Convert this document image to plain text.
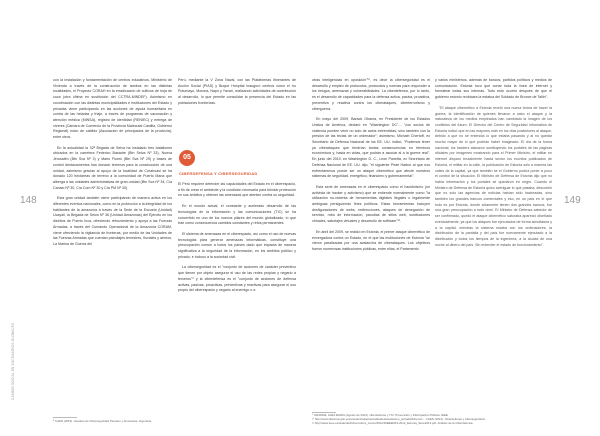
CAMBIO SOCIAL EN ESCENARIOS GLOBALES
148	149

con la instalación y fundamentación de centros educativos, Ministerio de Vivienda a través de la construcción de tambos en las distintas localidades, el Proyecto CORAH en la erradicación de cultivos de hoja de coca (otra última en sustitución del CCTRA-MINDEF). Asimismo en coordinación con las distintas municipalidades e instituciones del Estado y privadas viene participando en las acciones de ayuda humanitaria en contra de las heladas y friaje, a través de programas de vacunación y atención médica (MINSA), registro de identidad (RENIEC) y entrega de víveres (Cámara de Comercio de la Provincia Malecutal Castilla, Gobierno Regional) inicio de cabildo (Asociación de principados de la provincia), entre otros.

En la actualidad la 32ª Brigada de Selva ha instalado tres batallones ubicados en la carretera Federico Basadre (Btn Selva Nº 33), Nueva Jerusalén (Btn Sva Nº 3) y Mario Flores (Btn Sva Nº 29) y bases de control destacamentos han donado terrenos para la construcción de una unidad, asimismo gracias al apoyo de la localidad de Curahuasi se ha donado 120 hectáreas de terreno a la comunidad de Puerto Mana que alberga a las unidades administrativas de gran unidad (Btn Sva Nº 34, Cía Canalo Nº 30, Cía Com Nº 30 y Cía PM Nº 30).

Esta gran unidad también viene participando de manera activa en los diferentes eventos nacionales, como en la protección a la integridad de los habitantes de la amazonía a través de la Sede de la Escuela (Unidad) Ucayali, la Brigada de Selva Nº 36 (Unidad Amazonas) del Ejército en los distritos de Puerto Inca, ofreciendo reforzamiento y apoyo a las Fuerzas Armadas, a través del Comando Operacional de la Amazonía CORAM, viene ofreciendo la vigilancia de fronteras, por medio de las Unidades de las Fuerzas Armadas que cuentan patrullajes terrestres, fluviales y aéreos. La Marina de Guerra del

Perú, mediante la V Zona Naval, con las Plataformas Itinerantes de Acción Social (PIAS) y Buque Hospital inauguró centros como el río Putumayo, Morona, Napo y Yavarí, realizando actividades de contribución al desarrollo, lo que permite consolidar la presencia del Estado en las poblaciones fronterizas.

05
CIBERDEFENSA Y CIBERSEGURIDAD

El Perú requiere defender las capacidades del Estado en el ciberespacio, a fin de crear el ambiente y la condición necesaria para brindar protección en sus ámbitos y obtener las amenazas que atenten contra su seguridad.

En el mundo actual, el constante y acelerado desarrollo de las tecnologías de la información y las comunicaciones (TIC) se ha convertido en uno de los nuevos pilares del mundo globalizado, lo que trae como consecuencia cambios constantes y retos permanentes.

El sistema de amenazas en el ciberespacio, así como el uso de nuevas tecnologías para generar amenazas informáticas, constituye una preocupación común a todos los países dado que impacta de manera significativa a la seguridad de la información, en los ámbitos público y privado, e incluso a la sociedad civil.

La ciberseguridad es el "conjunto de acciones de carácter preventivo que tienen por objeto asegurar el uso de las redes propias y negarlo a terceros"⁹ y la ciberdefensa es el "conjunto de acciones de defensa activas, pasivas, proactivas, preventivas y reactivas para asegurar el uso propio del ciberespacio y negarlo al enemigo o a

otras inteligencias en oposición"¹⁰, es decir la ciberseguridad es el desarrollo y empleo de protocolos, protocolos y normas para responder a los riesgos, amenazas y vulnerabilidades. La ciberdefensa, por lo tanto, es el desarrollo de capacidades para la defensa activa, pasiva, proactiva, preventiva y reactiva contra los ciberataques, ciberterrorismo y ciberguerra.

En mayo del 2009, Barack Obama, en Presidente de los Estados Unidos de América, declaró en "Washington DC"... "¡los socios de violencia pueden venir no sólo de actos extremistas, sino también con la presión de las teclas de un ordenador"; asimismo, Michael Chertoff, ex Secretario de Defensa Nacional de los EE. UU. indicó, "Podemos tener ya ciberataques que tendrían tantas consecuencias en términos económicos y, hasta en vidas, que podrán a asociar al a la guerra real". En junio del 2010, en Washington D. C., Leon Panetta, ex Secretario de Defensa Nacional de EE. UU. dijo, "el siguiente Pearl Harbor al que nos enfrentaremos puede ser un ataque cibernético que afecte nuestros sistemas de seguridad, energético, financiero y gubernamental".

Esta serie de amenazas en el ciberespacio como el hacktivismo (un activista de hacker y activismo) que se entiende normalmente como "la utilización no-violenta de herramientas digitales ilegales o legalmente ambiguas persiguiendo fines políticos. Estas herramientas incluyen desfiguraciones de webs, redirecciones, ataques de denegación de servicio, robo de información, parodias de sitios web, sustituciones virtuales, sabotajes virtuales y desarrollo de software"¹¹.

En abril del 2009, se realizó en Estonia, el primer ataque cibernético de envergadura contra un Estado, en el que las instituciones de Estonia "se vieron paralizadas por una avalancha de ciberataques. Los objetivos fueron numerosas instituciones públicas, entre ellas, el Parlamento

y varios ministerios, además de bancos, partidos políticos y medios de comunicación. Estonia tuvo que cortar toda la línea de internet y formatear todas sus internas. Todo esto ocurrió después de que el gobierno estonio reubicara la estatua del Soldado de Bronce de Tallin".

"El ataque cibernético a Estonia reveló una nueva forma de hacer la guerra, la identificación de quienes llevaron a cabo el ataque y la naturaleza de los medios empleados han cambiado la imagen de los conflictos del futuro. El Director del Centro de Seguridad Informática de Estonia indicó que en las mayores más en los días posteriores al ataque, debido a que no se entendía lo que estaba pasando y al no quedar mucho mayor de lo que podrían haber imaginado. El día de la forma nacional, los hackers atacaron sustituyendo los portales de las páginas oficiales por imágenes mostrando para el Primer Ministro, el militar en internet disparó brutalmente hasta sector los escritos publicados de Estonia, el militar en la calle, la publicación de Estonia sólo a manera las calles de la capital, ya que también se el Gobierno podría poner a poco el control de la situación. El Ministro de Defensa de Estonia dijo que no había información y los portales se quedaron en negro. Cuando el Ministro de Defensa de Estonia quiso averiguar lo que pasaba, descubrió que no solo las agencias de noticias habían sido hackeadas, sino también los grandes bancos comerciales y eso, en un país en el que todo es por Estonia, donde sólamente tienen dos grandes bancos, fue una gran preocupación a todo nivel. El Ministro de Defensa sabedor de ser confirmado, quedó el ataque cibernético saturaba apareció diseñado eventualmente, ya que los ataques fue ejecutados de forma simultánea y a la capital, mientras la sistema estaba con los ordenadores, la distribución de la pantalla y del país fue nuevamente ejecutado a la distribución y todos los tiempos de la ingeniería, a la ciudad de una noche al dinero del país. Sin entender el estado de funcionamiento".

⁸ CAEN (2015). Glosario de Ciberseguridad Peruano y Amenazas. Argentina.
⁹ GRANDE, ALBA MARÍA (Agosto de 2014). ciberdefensa y TIC: Prevención y Participación Pública. IEEE.
¹⁰ http://www.defensa.gob.es/ceseden/Galerias/esfas/destacados/en_portada/ficheros/... CAEN (2013). Ciberdefensa y Ciberseguridad.
¹¹ http://www.ieee.es/Galerias/fichero/docs_marco/2012/DIEEEM13-2012_Estonia_9ene2013.pdf. Análisis de la Ciberdefensa.
